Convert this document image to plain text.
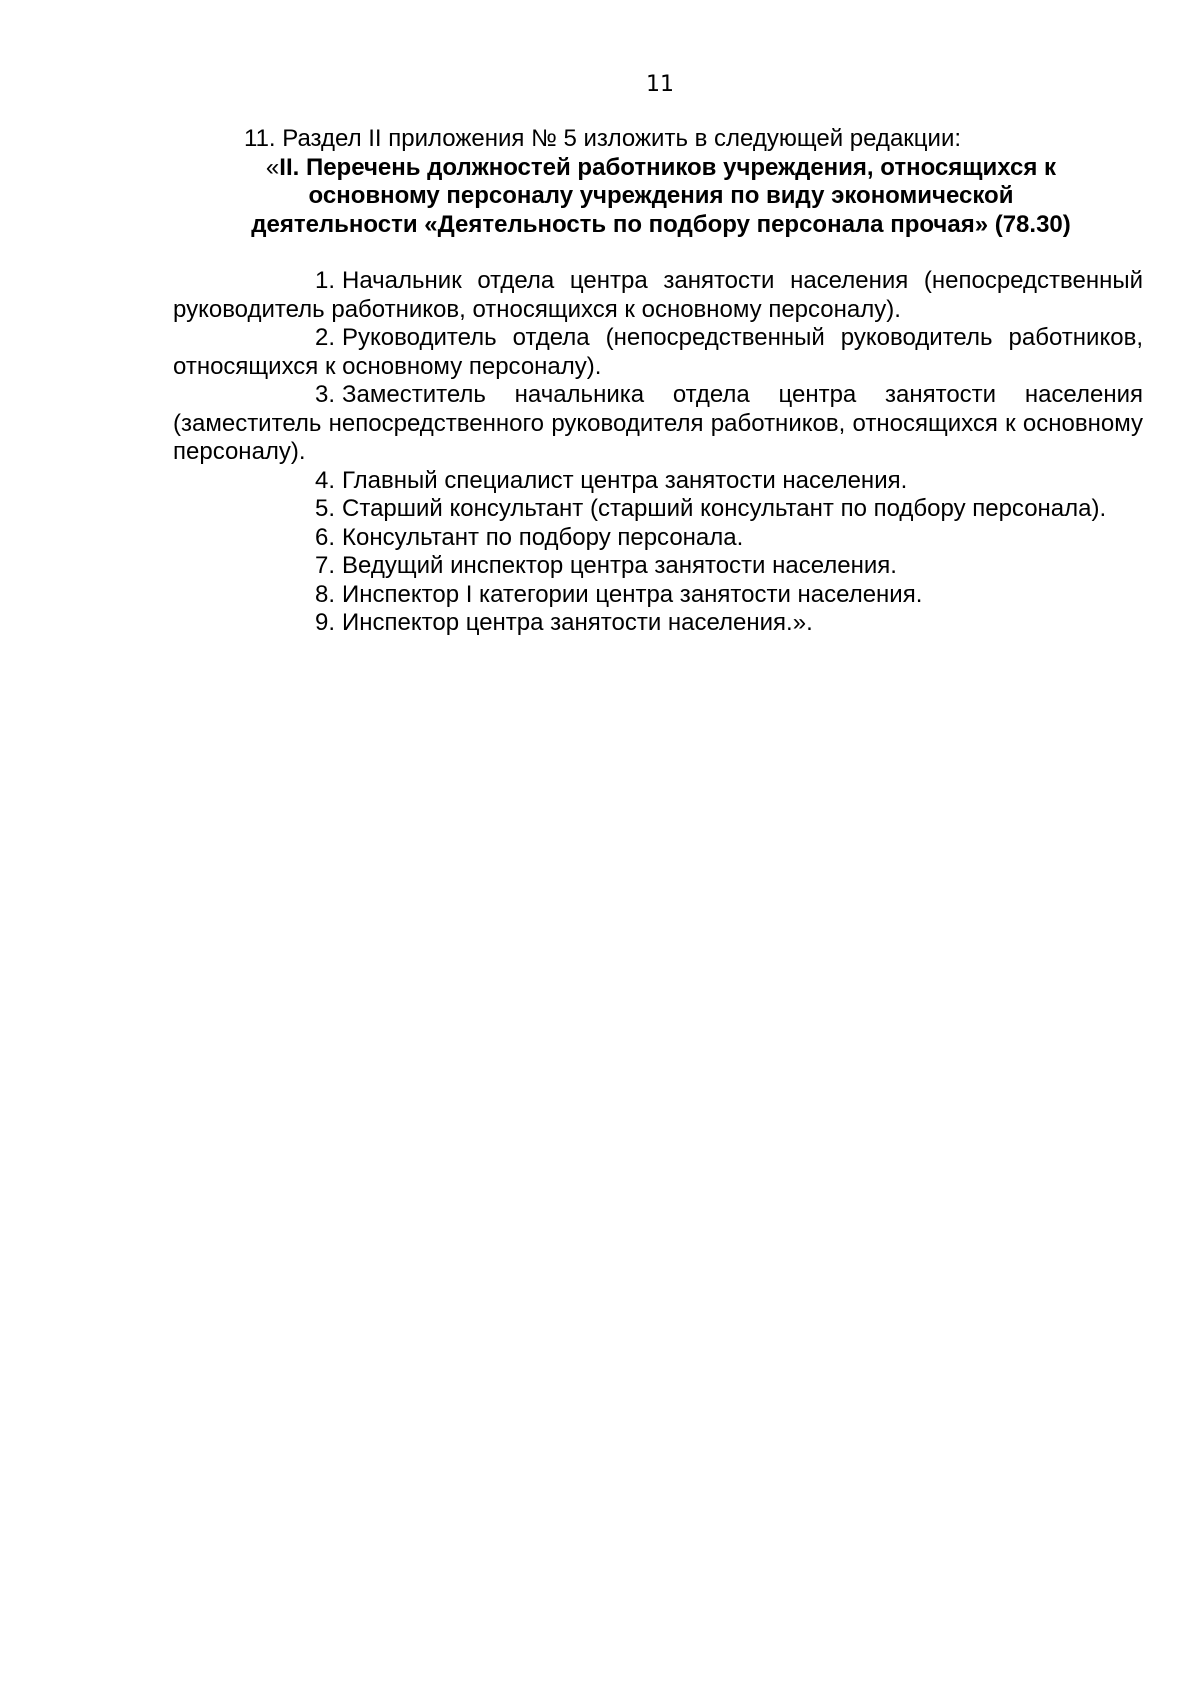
11

11. Раздел II приложения № 5 изложить в следующей редакции:

«II. Перечень должностей работников учреждения, относящихся к основному персоналу учреждения по виду экономической деятельности «Деятельность по подбору персонала прочая» (78.30)

1. Начальник отдела центра занятости населения (непосредственный руководитель работников, относящихся к основному персоналу).

2. Руководитель отдела (непосредственный руководитель работников, относящихся к основному персоналу).

3. Заместитель начальника отдела центра занятости населения (заместитель непосредственного руководителя работников, относящихся к основному персоналу).

4. Главный специалист центра занятости населения.

5. Старший консультант (старший консультант по подбору персонала).

6. Консультант по подбору персонала.

7. Ведущий инспектор центра занятости населения.

8. Инспектор I категории центра занятости населения.

9. Инспектор центра занятости населения.».
